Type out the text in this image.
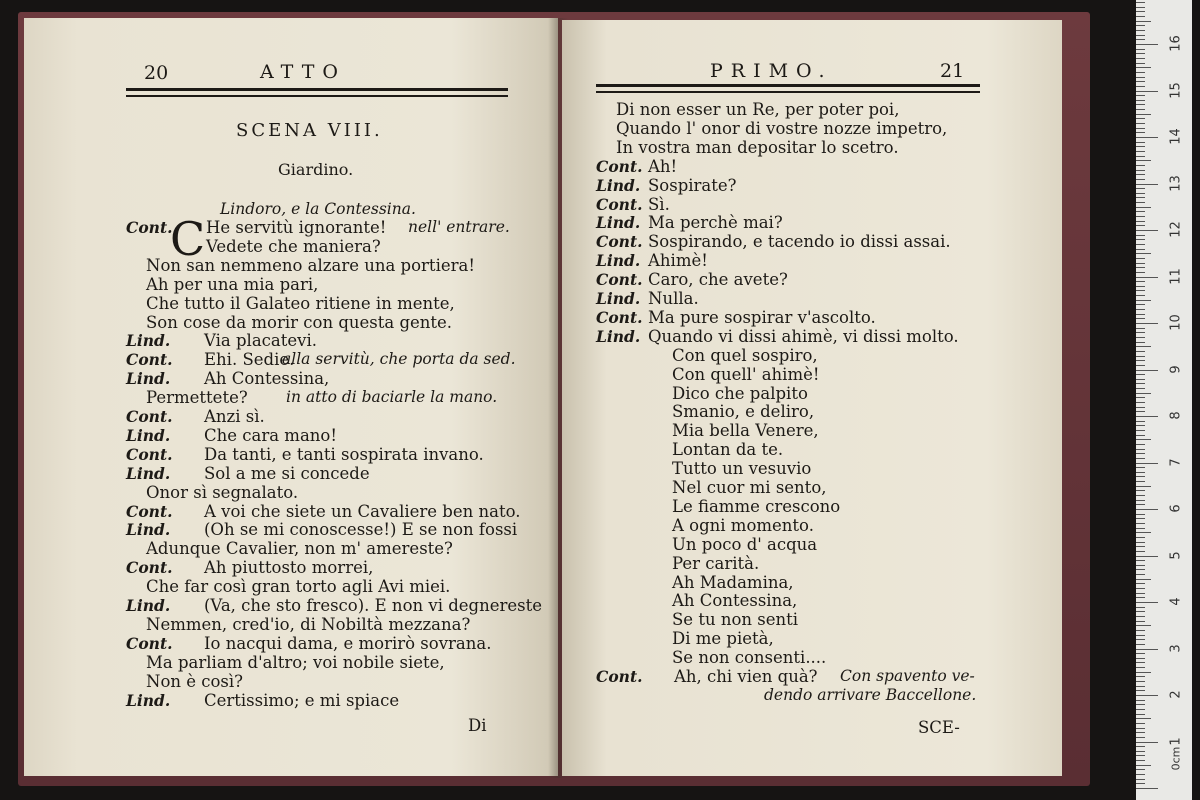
20	ATTO
SCENA VIII.
Giardino.
Lindoro, e la Contessina.
C
Cont. He servitù ignorante! nell' entrare.
Vedete che maniera?
Non san nemmeno alzare una portiera!
Ah per una mia pari,
Che tutto il Galateo ritiene in mente,
Son cose da morir con questa gente.
Lind. Via placatevi.
Cont. Ehi. Sedie.
alla servitù, che porta da sed.
Lind. Ah Contessina,
Permettete? in atto di baciarle la mano.
Cont. Anzi sì.
Lind. Che cara mano!
Cont. Da tanti, e tanti sospirata invano.
Lind. Sol a me si concede
Onor sì segnalato.
Cont. A voi che siete un Cavaliere ben nato.
Lind. (Oh se mi conoscesse!) E se non fossi
Adunque Cavalier, non m' amereste?
Cont. Ah piuttosto morrei,
Che far così gran torto agli Avi miei.
Lind. (Va, che sto fresco). E non vi degnereste
Nemmen, cred'io, di Nobiltà mezzana?
Cont. Io nacqui dama, e morirò sovrana.
Ma parliam d'altro; voi nobile siete,
Non è così?
Lind. Certissimo; e mi spiace
Di
PRIMO.	21
Di non esser un Re, per poter poi,
Quando l' onor di vostre nozze impetro,
In vostra man depositar lo scetro.
Cont. Ah!
Lind. Sospirate?
Cont. Sì.
Lind. Ma perchè mai?
Cont. Sospirando, e tacendo io dissi assai.
Lind. Ahimè!
Cont. Caro, che avete?
Lind. Nulla.
Cont. Ma pure sospirar v'ascolto.
Lind. Quando vi dissi ahimè, vi dissi molto.
Con quel sospiro,
Con quell' ahimè!
Dico che palpito
Smanio, e deliro,
Mia bella Venere,
Lontan da te.
Tutto un vesuvio
Nel cuor mi sento,
Le fiamme crescono
A ogni momento.
Un poco d' acqua
Per carità.
Ah Madamina,
Ah Contessina,
Se tu non senti
Di me pietà,
Se non consenti....
Cont. Ah, chi vien quà? Con spavento ve-
dendo arrivare Baccellone.
SCE-
0cm
1
2
3
4
5
6
7
8
9
10
11
12
13
14
15
16
